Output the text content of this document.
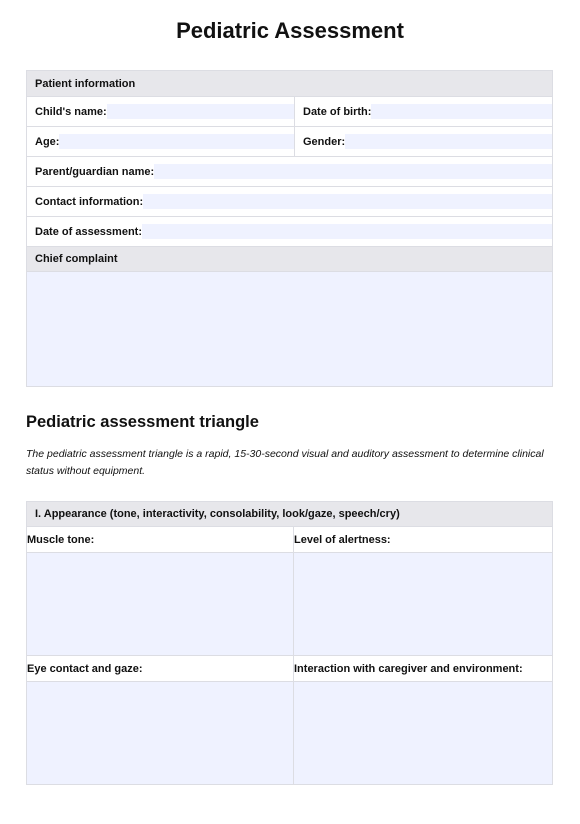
Pediatric Assessment
Patient information	

Child's name:	Date of birth:

Age:	Gender:

Parent/guardian name:	

Contact information:	

Date of assessment:	

Chief complaint	

Pediatric assessment triangle
The pediatric assessment triangle is a rapid, 15-30-second visual and auditory assessment to determine clinical status without equipment.
I. Appearance (tone, interactivity, consolability, look/gaze, speech/cry)	
Muscle tone:	Level of alertness:

Eye contact and gaze:	Interaction with caregiver and environment:
